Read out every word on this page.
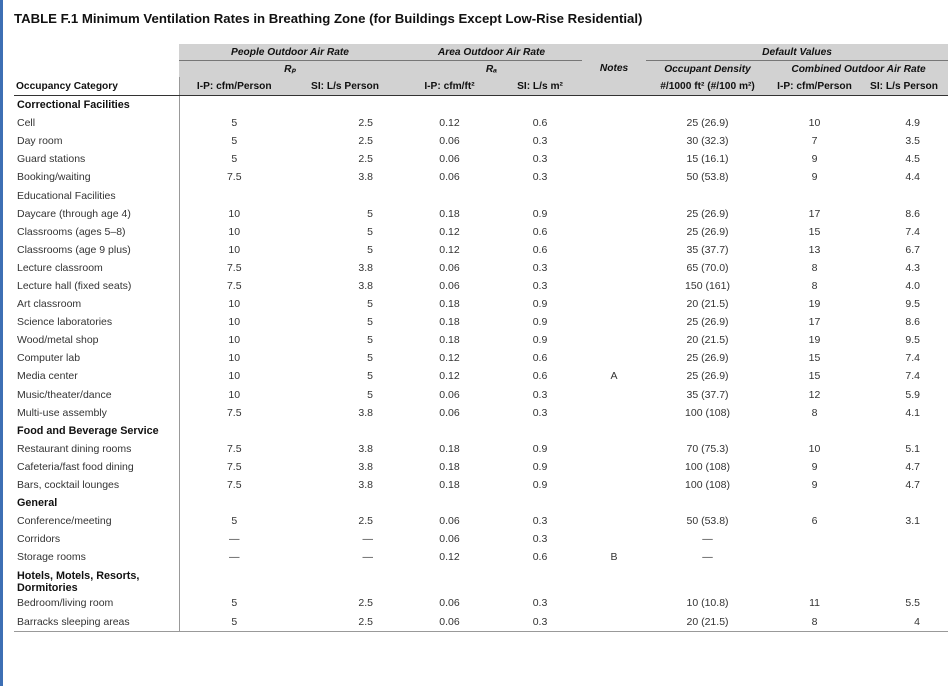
TABLE F.1 Minimum Ventilation Rates in Breathing Zone (for Buildings Except Low-Rise Residential)
	People Outdoor Air Rate		Area Outdoor Air Rate			Default Values		
	Rₚ		Rₐ		Notes	Occupant Density	Combined Outdoor Air Rate	
Occupancy Category	I-P: cfm/Person	SI: L/s Person	I-P: cfm/ft²	SI: L/s m²		#/1000 ft² (#/100 m²)	I-P: cfm/Person	SI: L/s Person
Correctional Facilities								
Cell	5	2.5	0.12	0.6		25 (26.9)	10	4.9
Day room	5	2.5	0.06	0.3		30 (32.3)	7	3.5
Guard stations	5	2.5	0.06	0.3		15 (16.1)	9	4.5
Booking/waiting	7.5	3.8	0.06	0.3		50 (53.8)	9	4.4
Educational Facilities								
Daycare (through age 4)	10	5	0.18	0.9		25 (26.9)	17	8.6
Classrooms (ages 5–8)	10	5	0.12	0.6		25 (26.9)	15	7.4
Classrooms (age 9 plus)	10	5	0.12	0.6		35 (37.7)	13	6.7
Lecture classroom	7.5	3.8	0.06	0.3		65 (70.0)	8	4.3
Lecture hall (fixed seats)	7.5	3.8	0.06	0.3		150 (161)	8	4.0
Art classroom	10	5	0.18	0.9		20 (21.5)	19	9.5
Science laboratories	10	5	0.18	0.9		25 (26.9)	17	8.6
Wood/metal shop	10	5	0.18	0.9		20 (21.5)	19	9.5
Computer lab	10	5	0.12	0.6		25 (26.9)	15	7.4
Media center	10	5	0.12	0.6	A	25 (26.9)	15	7.4
Music/theater/dance	10	5	0.06	0.3		35 (37.7)	12	5.9
Multi-use assembly	7.5	3.8	0.06	0.3		100 (108)	8	4.1
Food and Beverage Service								
Restaurant dining rooms	7.5	3.8	0.18	0.9		70 (75.3)	10	5.1
Cafeteria/fast food dining	7.5	3.8	0.18	0.9		100 (108)	9	4.7
Bars, cocktail lounges	7.5	3.8	0.18	0.9		100 (108)	9	4.7
General								
Conference/meeting	5	2.5	0.06	0.3		50 (53.8)	6	3.1
Corridors	—	—	0.06	0.3		—		
Storage rooms	—	—	0.12	0.6	B	—		
Hotels, Motels, Resorts, Dormitories								
Bedroom/living room	5	2.5	0.06	0.3		10 (10.8)	11	5.5
Barracks sleeping areas	5	2.5	0.06	0.3		20 (21.5)	8	4
